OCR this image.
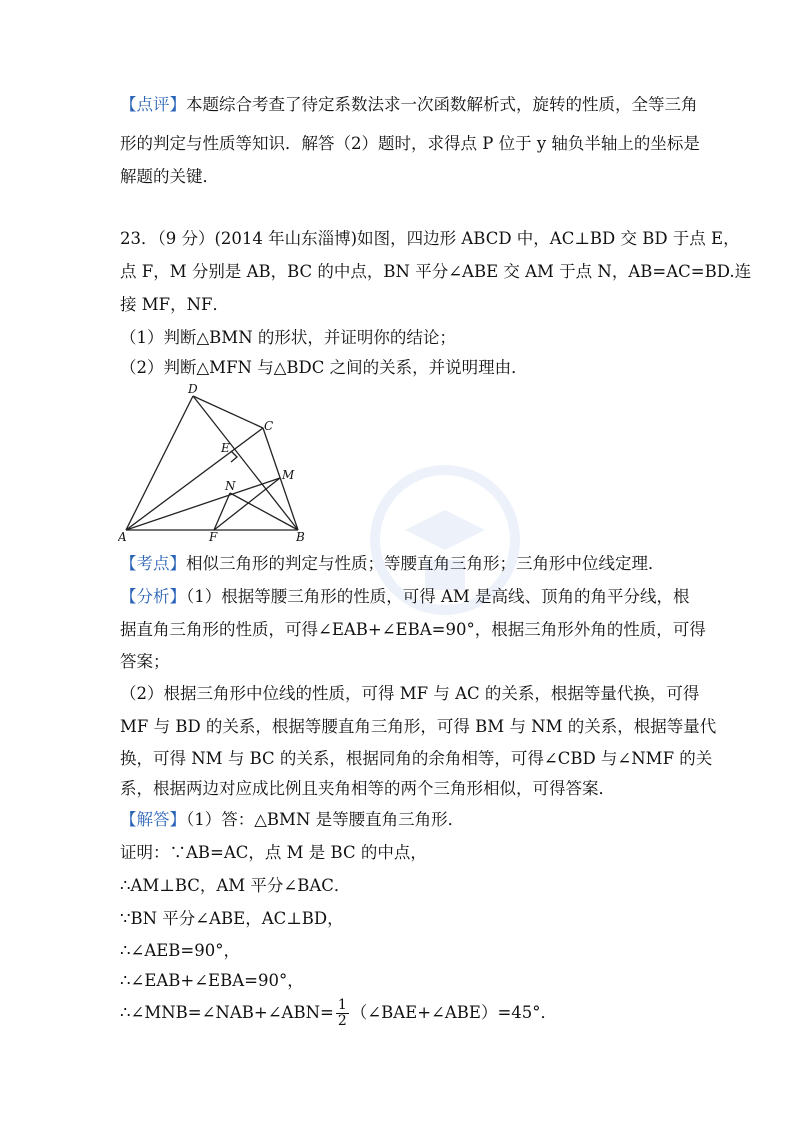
【点评】本题综合考查了待定系数法求一次函数解析式，旋转的性质，全等三角
形的判定与性质等知识．解答（2）题时，求得点 P 位于 y 轴负半轴上的坐标是
解题的关键．
23．（9 分）(2014 年山东淄博)如图，四边形 ABCD 中，AC⊥BD 交 BD 于点 E，
点 F，M 分别是 AB，BC 的中点，BN 平分∠ABE 交 AM 于点 N，AB=AC=BD.连
接 MF，NF．
（1）判断△BMN 的形状，并证明你的结论；
（2）判断△MFN 与△BDC 之间的关系，并说明理由．
D
C
E
M
N
A	F	B
【考点】相似三角形的判定与性质；等腰直角三角形；三角形中位线定理．
【分析】（1）根据等腰三角形的性质，可得 AM 是高线、顶角的角平分线，根
据直角三角形的性质，可得∠EAB+∠EBA=90°，根据三角形外角的性质，可得
答案；
（2）根据三角形中位线的性质，可得 MF 与 AC 的关系，根据等量代换，可得
MF 与 BD 的关系，根据等腰直角三角形，可得 BM 与 NM 的关系，根据等量代
换，可得 NM 与 BC 的关系，根据同角的余角相等，可得∠CBD 与∠NMF 的关
系，根据两边对应成比例且夹角相等的两个三角形相似，可得答案．
【解答】（1）答：△BMN 是等腰直角三角形．
证明：∵AB=AC，点 M 是 BC 的中点，
∴AM⊥BC，AM 平分∠BAC．
∵BN 平分∠ABE，AC⊥BD，
∴∠AEB=90°，
∴∠EAB+∠EBA=90°，
∴∠MNB=∠NAB+∠ABN= $\frac{1}{2}$ （∠BAE+∠ABE）=45°．
